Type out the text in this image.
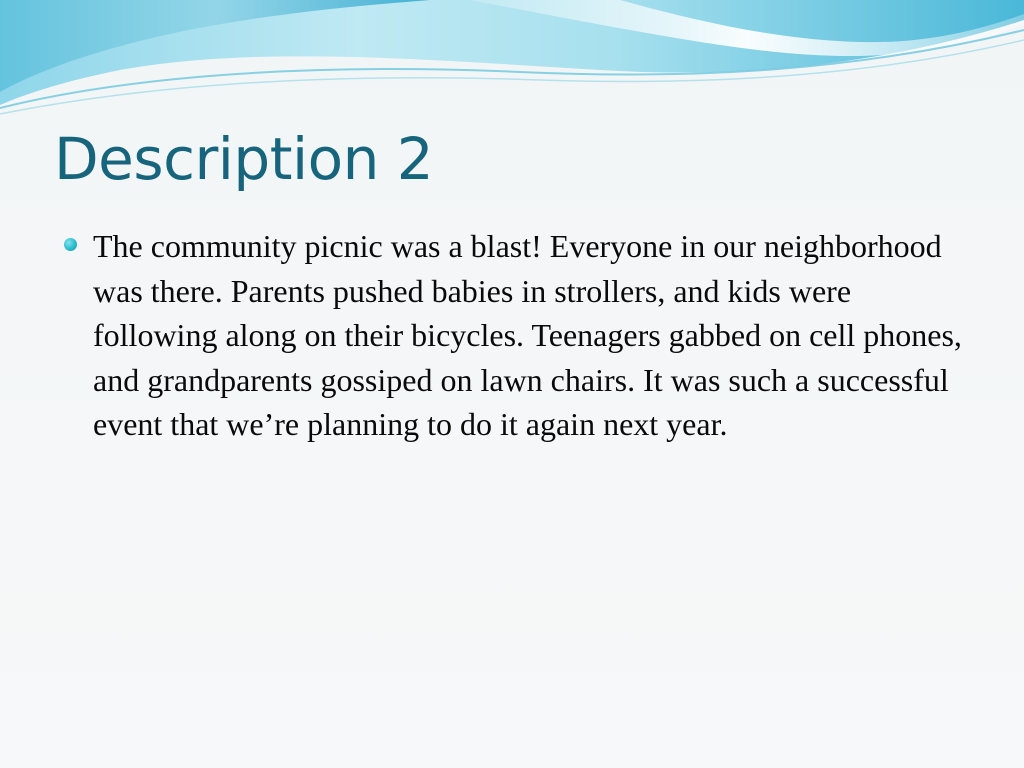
Description 2
The community picnic was a blast! Everyone in our neighborhood was there. Parents pushed babies in strollers, and kids were following along on their bicycles. Teenagers gabbed on cell phones, and grandparents gossiped on lawn chairs. It was such a successful event that we’re planning to do it again next year.
